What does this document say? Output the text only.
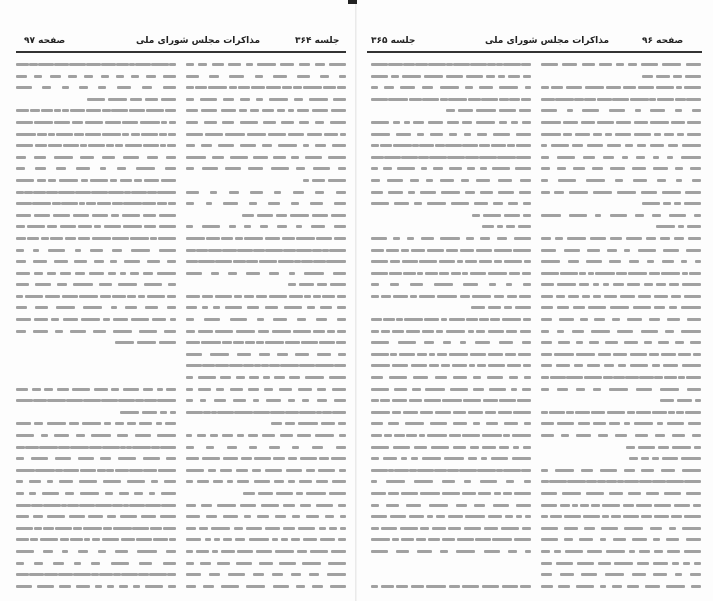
صفحه ۹۷	مذاکرات مجلس شورای ملی	جلسه ۳۶۴	جلسه ۳۶۵	مذاکرات مجلس شورای ملی	صفحه ۹۶
